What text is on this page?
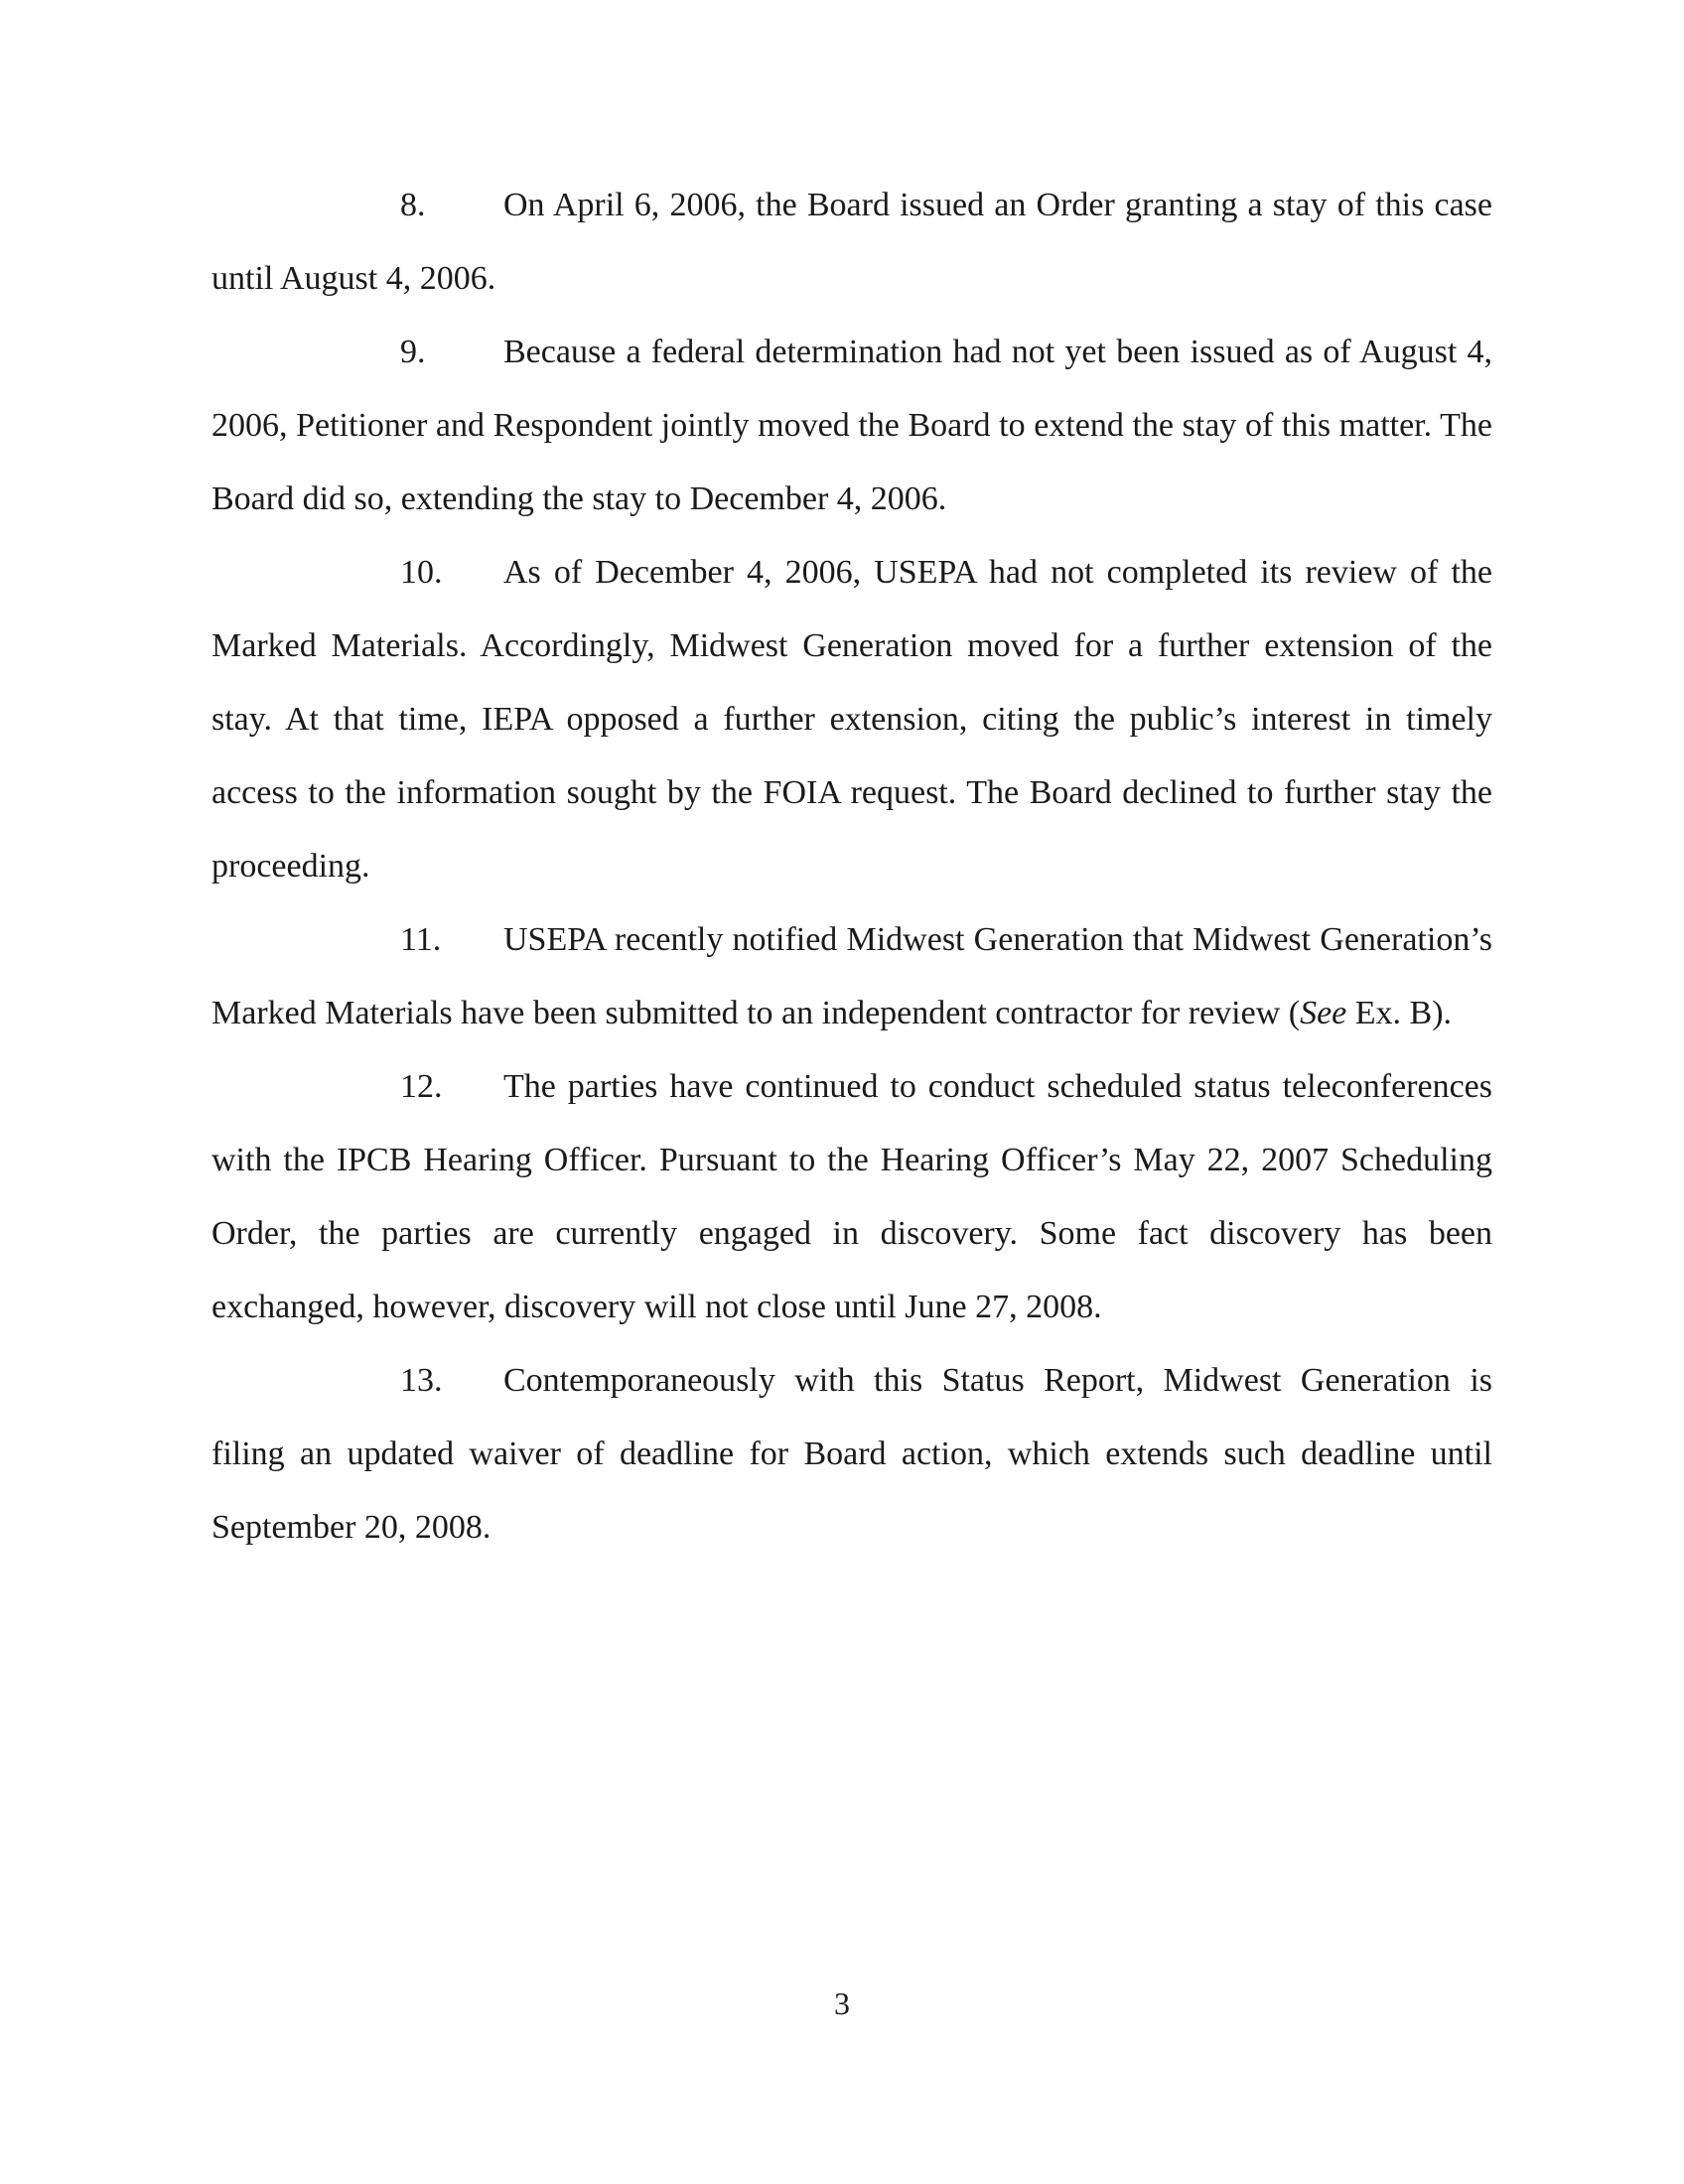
8. On April 6, 2006, the Board issued an Order granting a stay of this case until August 4, 2006.

9. Because a federal determination had not yet been issued as of August 4, 2006, Petitioner and Respondent jointly moved the Board to extend the stay of this matter. The Board did so, extending the stay to December 4, 2006.

10. As of December 4, 2006, USEPA had not completed its review of the Marked Materials. Accordingly, Midwest Generation moved for a further extension of the stay. At that time, IEPA opposed a further extension, citing the public’s interest in timely access to the information sought by the FOIA request. The Board declined to further stay the proceeding.

11. USEPA recently notified Midwest Generation that Midwest Generation’s Marked Materials have been submitted to an independent contractor for review (See Ex. B).

12. The parties have continued to conduct scheduled status teleconferences with the IPCB Hearing Officer. Pursuant to the Hearing Officer’s May 22, 2007 Scheduling Order, the parties are currently engaged in discovery. Some fact discovery has been exchanged, however, discovery will not close until June 27, 2008.

13. Contemporaneously with this Status Report, Midwest Generation is filing an updated waiver of deadline for Board action, which extends such deadline until September 20, 2008.

3
